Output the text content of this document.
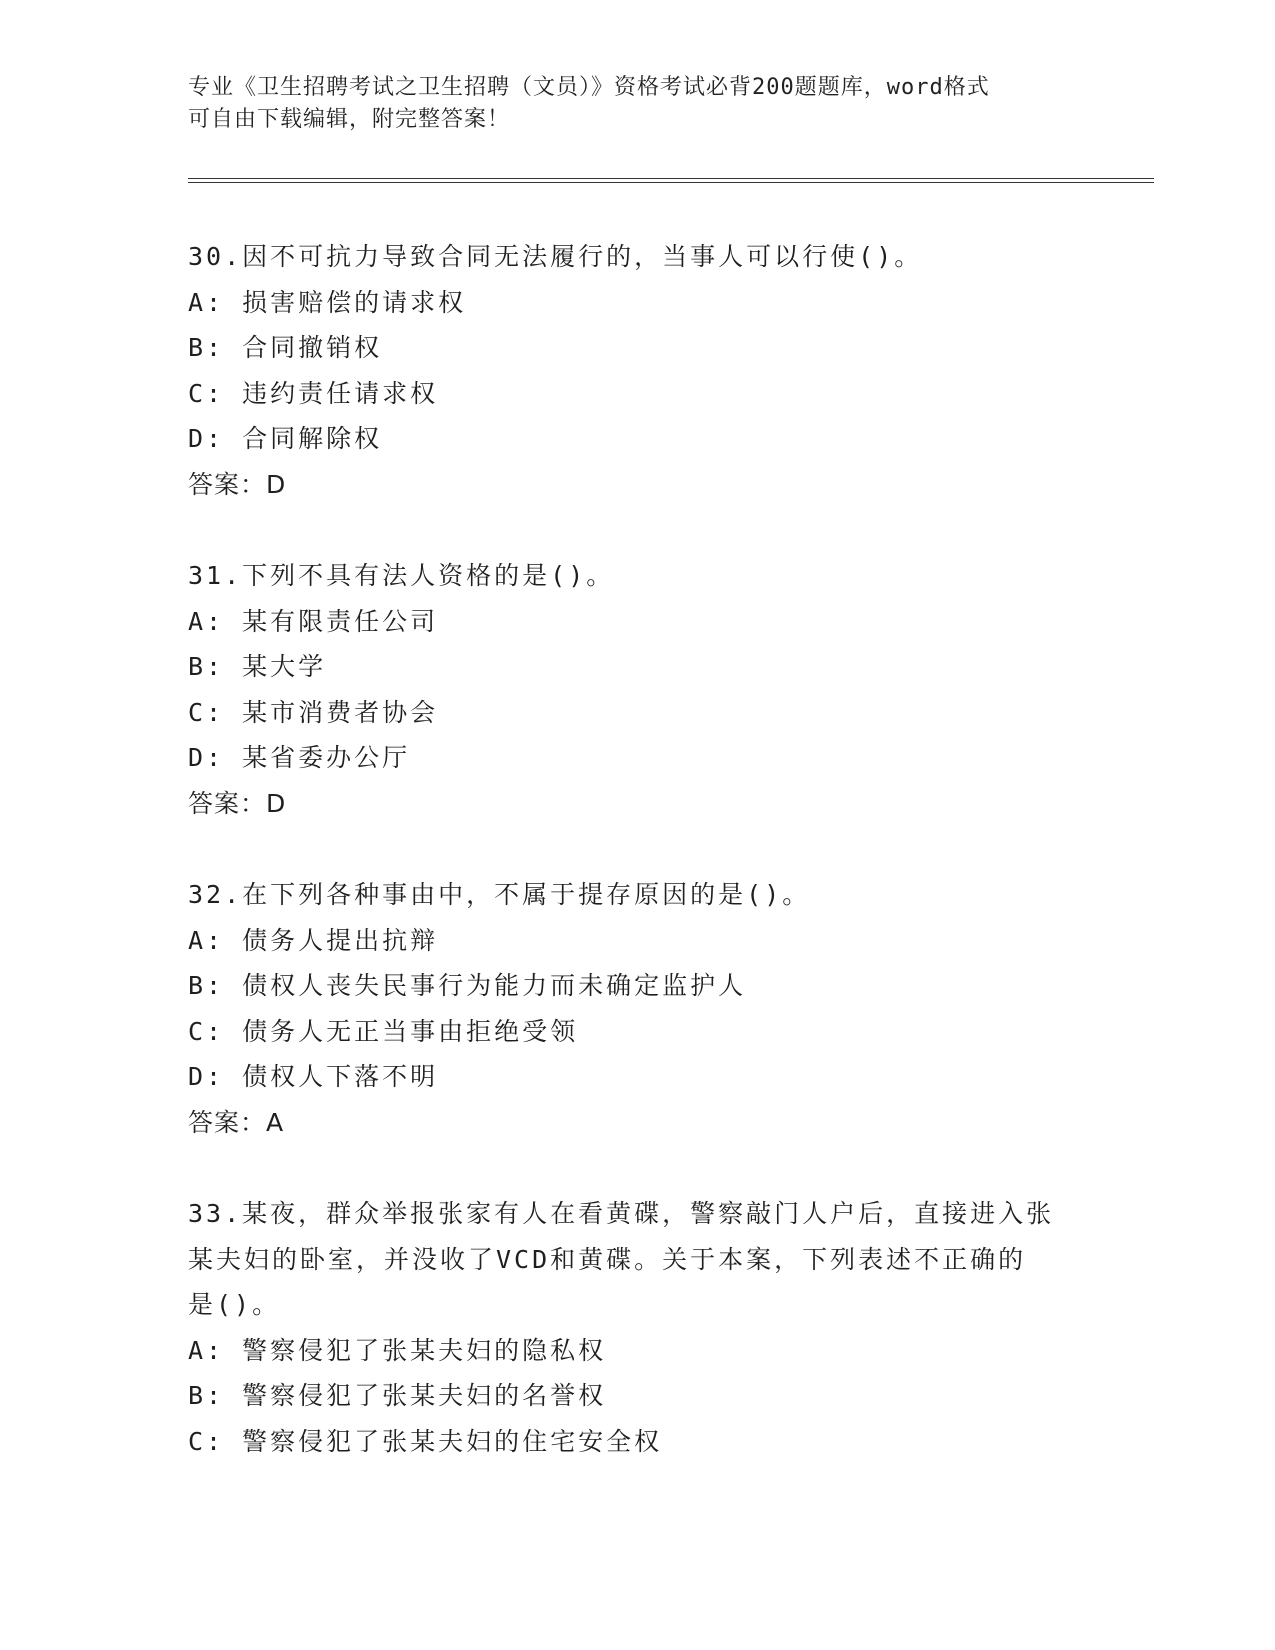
专业《卫生招聘考试之卫生招聘（文员）》资格考试必背200题题库，word格式
可自由下载编辑，附完整答案！
30.因不可抗力导致合同无法履行的，当事人可以行使()。
A: 损害赔偿的请求权
B: 合同撤销权
C: 违约责任请求权
D: 合同解除权
答案：D
31.下列不具有法人资格的是()。
A: 某有限责任公司
B: 某大学
C: 某市消费者协会
D: 某省委办公厅
答案：D
32.在下列各种事由中，不属于提存原因的是()。
A: 债务人提出抗辩
B: 债权人丧失民事行为能力而未确定监护人
C: 债务人无正当事由拒绝受领
D: 债权人下落不明
答案：A
33.某夜，群众举报张家有人在看黄碟，警察敲门人户后，直接进入张
某夫妇的卧室，并没收了VCD和黄碟。关于本案，下列表述不正确的
是()。
A: 警察侵犯了张某夫妇的隐私权
B: 警察侵犯了张某夫妇的名誉权
C: 警察侵犯了张某夫妇的住宅安全权
